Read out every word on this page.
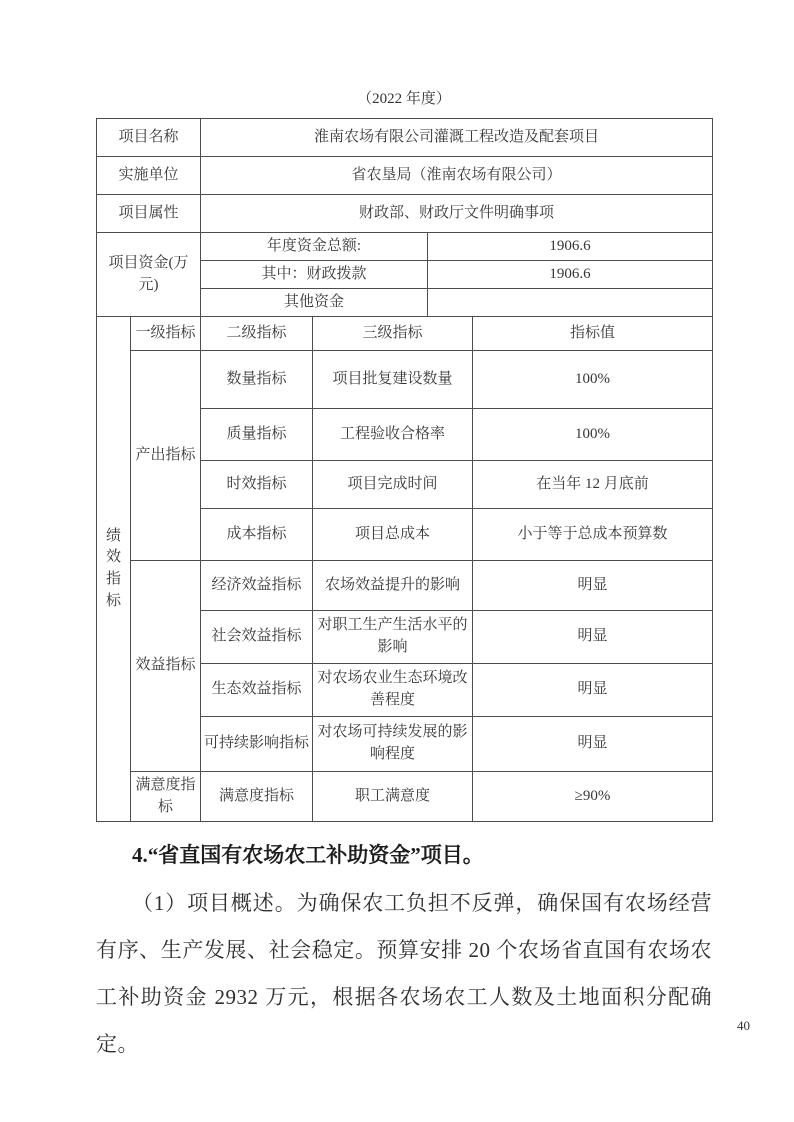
（2022 年度）
项目名称		淮南农场有限公司灌溉工程改造及配套项目			
实施单位		省农垦局（淮南农场有限公司）			
项目属性		财政部、财政厅文件明确事项			
项目资金(万元)		年度资金总额:		1906.6	
		其中：财政拨款		1906.6	
		其他资金			
绩效指标	一级指标	二级指标	三级指标		指标值
	产出指标	数量指标	项目批复建设数量		100%
		质量指标	工程验收合格率		100%
		时效指标	项目完成时间		在当年 12 月底前
		成本指标	项目总成本		小于等于总成本预算数
	效益指标	经济效益指标	农场效益提升的影响		明显
		社会效益指标	对职工生产生活水平的影响		明显
		生态效益指标	对农场农业生态环境改善程度		明显
		可持续影响指标	对农场可持续发展的影响程度		明显
	满意度指标	满意度指标	职工满意度		≥90%
4.“省直国有农场农工补助资金”项目。
（1）项目概述。为确保农工负担不反弹，确保国有农场经营
有序、生产发展、社会稳定。预算安排 20 个农场省直国有农场农
工补助资金 2932 万元，根据各农场农工人数及土地面积分配确
定。
40
